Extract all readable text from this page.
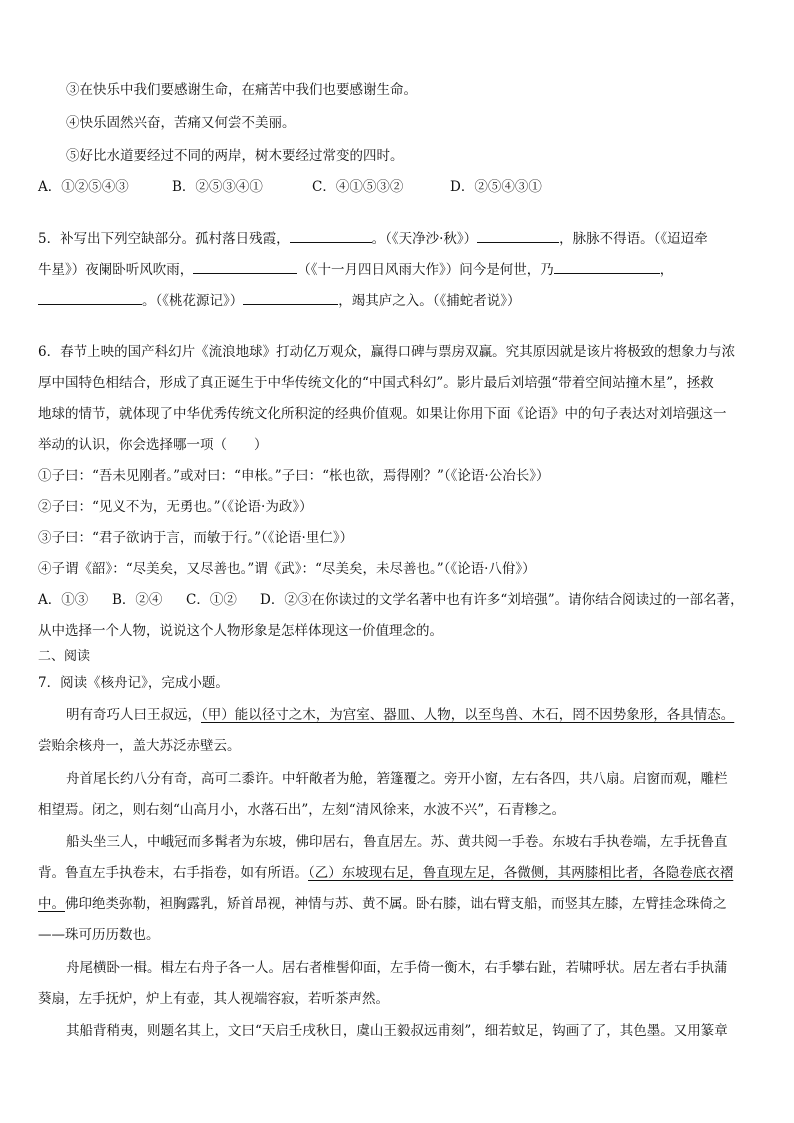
③在快乐中我们要感谢生命，在痛苦中我们也要感谢生命。
④快乐固然兴奋，苦痛又何尝不美丽。
⑤好比水道要经过不同的两岸，树木要经过常变的四时。
A．①②⑤④③	B．②⑤③④①	C．④①⑤③②	D．②⑤④③①
5．补写出下列空缺部分。孤村落日残霞，	。（《天净沙·秋》）	，脉脉不得语。（《迢迢牵
牛星》）夜阑卧听风吹雨，	（《十一月四日风雨大作》）问今是何世，乃	，
。（《桃花源记》）	，竭其庐之入。（《捕蛇者说》）
6．春节上映的国产科幻片《流浪地球》打动亿万观众，赢得口碑与票房双赢。究其原因就是该片将极致的想象力与浓
厚中国特色相结合，形成了真正诞生于中华传统文化的“中国式科幻”。影片最后刘培强“带着空间站撞木星”，拯救
地球的情节，就体现了中华优秀传统文化所积淀的经典价值观。如果让你用下面《论语》中的句子表达对刘培强这一
举动的认识，你会选择哪一项（　　）
①子曰：“吾未见刚者。”或对曰：“申枨。”子曰：“枨也欲，焉得刚？”（《论语·公冶长》）
②子曰：“见义不为，无勇也。”（《论语·为政》）
③子曰：“君子欲讷于言，而敏于行。”（《论语·里仁》）
④子谓《韶》：“尽美矣，又尽善也。”谓《武》：“尽美矣，未尽善也。”（《论语·八佾》）
A．①③ B．②④ C．①② D．②③在你读过的文学名著中也有许多“刘培强”。请你结合阅读过的一部名著，
从中选择一个人物，说说这个人物形象是怎样体现这一价值理念的。
二、阅读
7．阅读《核舟记》，完成小题。
明有奇巧人曰王叔远，（甲）能以径寸之木，为宫室、器皿、人物，以至鸟兽、木石，罔不因势象形，各具情态。
尝贻余核舟一，盖大苏泛赤壁云。
舟首尾长约八分有奇，高可二黍许。中轩敞者为舱，箬篷覆之。旁开小窗，左右各四，共八扇。启窗而观，雕栏
相望焉。闭之，则右刻“山高月小，水落石出”，左刻“清风徐来，水波不兴”，石青糁之。
船头坐三人，中峨冠而多髯者为东坡，佛印居右，鲁直居左。苏、黄共阅一手卷。东坡右手执卷端，左手抚鲁直
背。鲁直左手执卷末，右手指卷，如有所语。（乙）东坡现右足，鲁直现左足，各微侧，其两膝相比者，各隐卷底衣褶
中。佛印绝类弥勒，袒胸露乳，矫首昂视，神情与苏、黄不属。卧右膝，诎右臂支船，而竖其左膝，左臂挂念珠倚之
——珠可历历数也。
舟尾横卧一楫。楫左右舟子各一人。居右者椎髻仰面，左手倚一衡木，右手攀右趾，若啸呼状。居左者右手执蒲
葵扇，左手抚炉，炉上有壶，其人视端容寂，若听茶声然。
其船背稍夷，则题名其上，文曰“天启壬戌秋日，虞山王毅叔远甫刻”，细若蚊足，钩画了了，其色墨。又用篆章
